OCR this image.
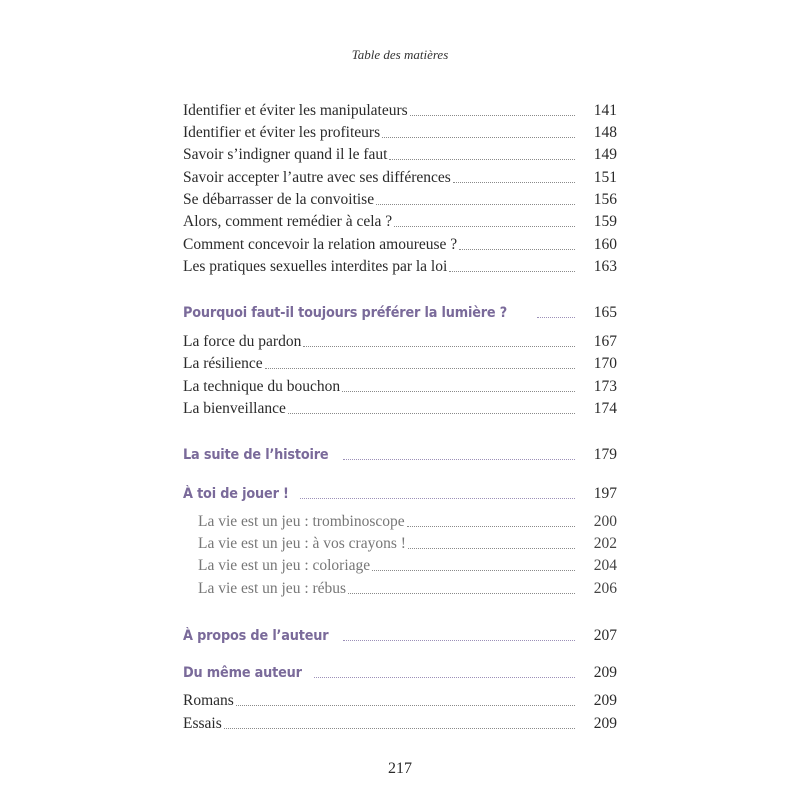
Table des matières
Identifier et éviter les manipulateurs	141
Identifier et éviter les profiteurs	148
Savoir s’indigner quand il le faut	149
Savoir accepter l’autre avec ses différences	151
Se débarrasser de la convoitise	156
Alors, comment remédier à cela ?	159
Comment concevoir la relation amoureuse ?	160
Les pratiques sexuelles interdites par la loi	163
Pourquoi faut-il toujours préférer la lumière ?	165
La force du pardon	167
La résilience	170
La technique du bouchon	173
La bienveillance	174
La suite de l’histoire	179
À toi de jouer !	197
La vie est un jeu : trombinoscope	200
La vie est un jeu : à vos crayons !	202
La vie est un jeu : coloriage	204
La vie est un jeu : rébus	206
À propos de l’auteur	207
Du même auteur	209
Romans	209
Essais	209
217
